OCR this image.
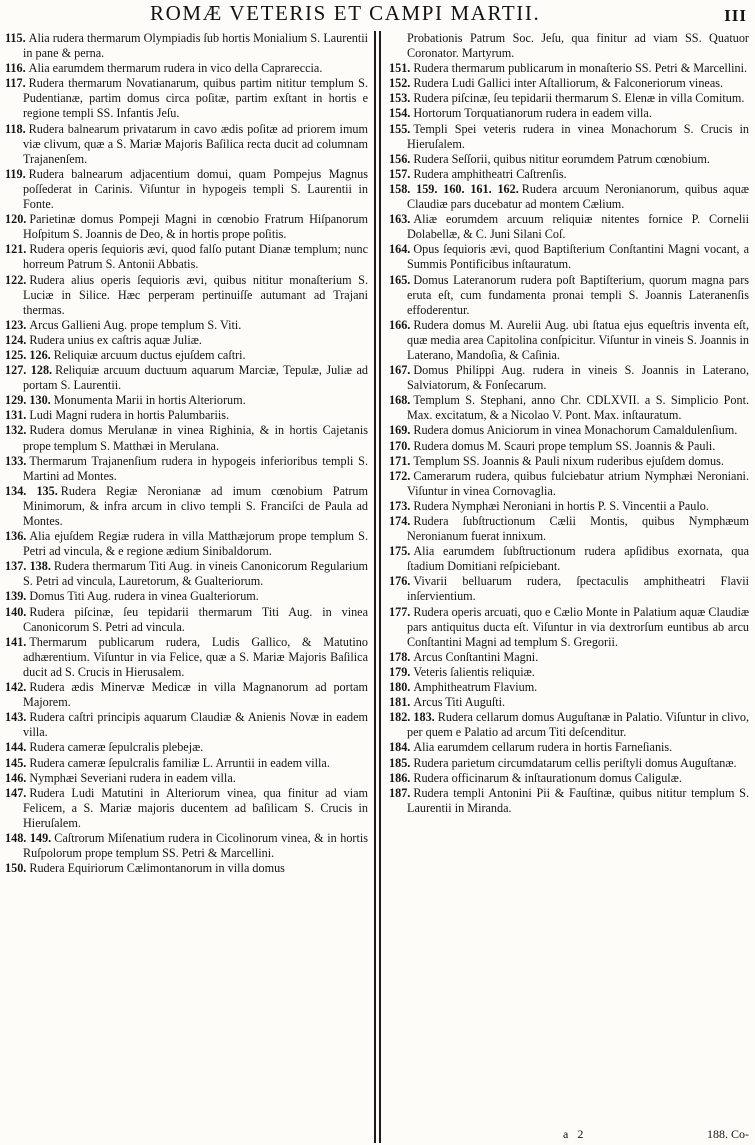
ROMÆ VETERIS ET CAMPI MARTII.	III

115. Alia rudera thermarum Olympiadis ſub hortis Monialium S. Laurentii in pane & perna.

116. Alia earumdem thermarum rudera in vico della Caprareccia.

117. Rudera thermarum Novatianarum, quibus partim nititur templum S. Pudentianæ, partim domus circa poſitæ, partim exſtant in hortis e regione templi SS. Infantis Jeſu.

118. Rudera balnearum privatarum in cavo ædis poſitæ ad priorem imum viæ clivum, quæ a S. Mariæ Majoris Baſilica recta ducit ad columnam Trajanenſem.

119. Rudera balnearum adjacentium domui, quam Pompejus Magnus poſſederat in Carinis. Viſuntur in hypogeis templi S. Laurentii in Fonte.

120. Parietinæ domus Pompeji Magni in cœnobio Fratrum Hiſpanorum Hoſpitum S. Joannis de Deo, & in hortis prope poſitis.

121. Rudera operis ſequioris ævi, quod falſo putant Dianæ templum; nunc horreum Patrum S. Antonii Abbatis.

122. Rudera alius operis ſequioris ævi, quibus nititur monaſterium S. Luciæ in Silice. Hæc perperam pertinuiſſe autumant ad Trajani thermas.

123. Arcus Gallieni Aug. prope templum S. Viti.

124. Rudera unius ex caſtris aquæ Juliæ.

125. 126. Reliquiæ arcuum ductus ejuſdem caſtri.

127. 128. Reliquiæ arcuum ductuum aquarum Marciæ, Tepulæ, Juliæ ad portam S. Laurentii.

129. 130. Monumenta Marii in hortis Alteriorum.

131. Ludi Magni rudera in hortis Palumbariis.

132. Rudera domus Merulanæ in vinea Righinia, & in hortis Cajetanis prope templum S. Matthæi in Merulana.

133. Thermarum Trajanenſium rudera in hypogeis inferioribus templi S. Martini ad Montes.

134. 135. Rudera Regiæ Neronianæ ad imum cœnobium Patrum Minimorum, & infra arcum in clivo templi S. Franciſci de Paula ad Montes.

136. Alia ejuſdem Regiæ rudera in villa Matthæjorum prope templum S. Petri ad vincula, & e regione ædium Sinibaldorum.

137. 138. Rudera thermarum Titi Aug. in vineis Canonicorum Regularium S. Petri ad vincula, Lauretorum, & Gualteriorum.

139. Domus Titi Aug. rudera in vinea Gualteriorum.

140. Rudera piſcinæ, ſeu tepidarii thermarum Titi Aug. in vinea Canonicorum S. Petri ad vincula.

141. Thermarum publicarum rudera, Ludis Gallico, & Matutino adhærentium. Viſuntur in via Felice, quæ a S. Mariæ Majoris Baſilica ducit ad S. Crucis in Hierusalem.

142. Rudera ædis Minervæ Medicæ in villa Magnanorum ad portam Majorem.

143. Rudera caſtri principis aquarum Claudiæ & Anienis Novæ in eadem villa.

144. Rudera cameræ ſepulcralis plebejæ.

145. Rudera cameræ ſepulcralis familiæ L. Arruntii in eadem villa.

146. Nymphæi Severiani rudera in eadem villa.

147. Rudera Ludi Matutini in Alteriorum vinea, qua finitur ad viam Felicem, a S. Mariæ majoris ducentem ad baſilicam S. Crucis in Hieruſalem.

148. 149. Caſtrorum Miſenatium rudera in Cicolinorum vinea, & in hortis Ruſpolorum prope templum SS. Petri & Marcellini.

150. Rudera Equiriorum Cælimontanorum in villa domus

Probationis Patrum Soc. Jeſu, qua finitur ad viam SS. Quatuor Coronator. Martyrum.

151. Rudera thermarum publicarum in monaſterio SS. Petri & Marcellini.

152. Rudera Ludi Gallici inter Aſtalliorum, & Falconeriorum vineas.

153. Rudera piſcinæ, ſeu tepidarii thermarum S. Elenæ in villa Comitum.

154. Hortorum Torquatianorum rudera in eadem villa.

155. Templi Spei veteris rudera in vinea Monachorum S. Crucis in Hieruſalem.

156. Rudera Seſſorii, quibus nititur eorumdem Patrum cœnobium.

157. Rudera amphitheatri Caſtrenſis.

158. 159. 160. 161. 162. Rudera arcuum Neronianorum, quibus aquæ Claudiæ pars ducebatur ad montem Cælium.

163. Aliæ eorumdem arcuum reliquiæ nitentes fornice P. Cornelii Dolabellæ, & C. Juni Silani Coſ.

164. Opus ſequioris ævi, quod Baptiſterium Conſtantini Magni vocant, a Summis Pontificibus inſtauratum.

165. Domus Lateranorum rudera poſt Baptiſterium, quorum magna pars eruta eſt, cum fundamenta pronai templi S. Joannis Lateranenſis effoderentur.

166. Rudera domus M. Aurelii Aug. ubi ſtatua ejus equeſtris inventa eſt, quæ media area Capitolina conſpicitur. Viſuntur in vineis S. Joannis in Laterano, Mandoſia, & Caſinia.

167. Domus Philippi Aug. rudera in vineis S. Joannis in Laterano, Salviatorum, & Fonſecarum.

168. Templum S. Stephani, anno Chr. CDLXVII. a S. Simplicio Pont. Max. excitatum, & a Nicolao V. Pont. Max. inſtauratum.

169. Rudera domus Aniciorum in vinea Monachorum Camaldulenſium.

170. Rudera domus M. Scauri prope templum SS. Joannis & Pauli.

171. Templum SS. Joannis & Pauli nixum ruderibus ejuſdem domus.

172. Camerarum rudera, quibus fulciebatur atrium Nymphæi Neroniani. Viſuntur in vinea Cornovaglia.

173. Rudera Nymphæi Neroniani in hortis P. S. Vincentii a Paulo.

174. Rudera ſubſtructionum Cælii Montis, quibus Nymphæum Neronianum fuerat innixum.

175. Alia earumdem ſubſtructionum rudera apſidibus exornata, qua ſtadium Domitiani reſpiciebant.

176. Vivarii belluarum rudera, ſpectaculis amphitheatri Flavii inſervientium.

177. Rudera operis arcuati, quo e Cælio Monte in Palatium aquæ Claudiæ pars antiquitus ducta eſt. Viſuntur in via dextrorſum euntibus ab arcu Conſtantini Magni ad templum S. Gregorii.

178. Arcus Conſtantini Magni.

179. Veteris ſalientis reliquiæ.

180. Amphitheatrum Flavium.

181. Arcus Titi Auguſti.

182. 183. Rudera cellarum domus Auguſtanæ in Palatio. Viſuntur in clivo, per quem e Palatio ad arcum Titi deſcenditur.

184. Alia earumdem cellarum rudera in hortis Farneſianis.

185. Rudera parietum circumdatarum cellis periſtyli domus Auguſtanæ.

186. Rudera officinarum & inſtaurationum domus Caligulæ.

187. Rudera templi Antonini Pii & Fauſtinæ, quibus nititur templum S. Laurentii in Miranda.

a 2	188. Co-
